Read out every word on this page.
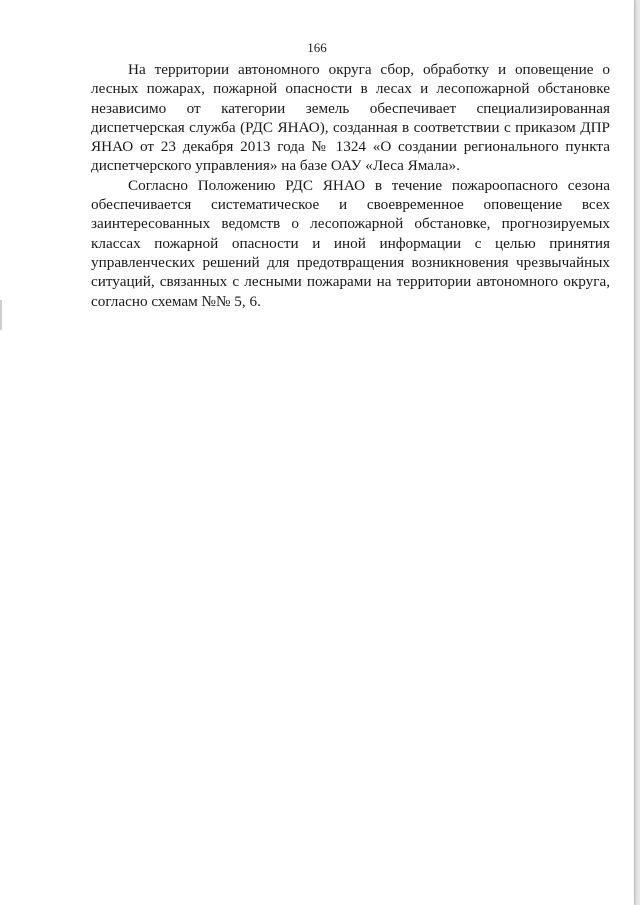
166

На территории автономного округа сбор, обработку и оповещение о лесных пожарах, пожарной опасности в лесах и лесопожарной обстановке независимо от категории земель обеспечивает специализированная диспетчерская служба (РДС ЯНАО), созданная в соответствии с приказом ДПР ЯНАО от 23 декабря 2013 года № 1324 «О создании регионального пункта диспетчерского управления» на базе ОАУ «Леса Ямала».

Согласно Положению РДС ЯНАО в течение пожароопасного сезона обеспечивается систематическое и своевременное оповещение всех заинтересованных ведомств о лесопожарной обстановке, прогнозируемых классах пожарной опасности и иной информации с целью принятия управленческих решений для предотвращения возникновения чрезвычайных ситуаций, связанных с лесными пожарами на территории автономного округа, согласно схемам №№ 5, 6.
